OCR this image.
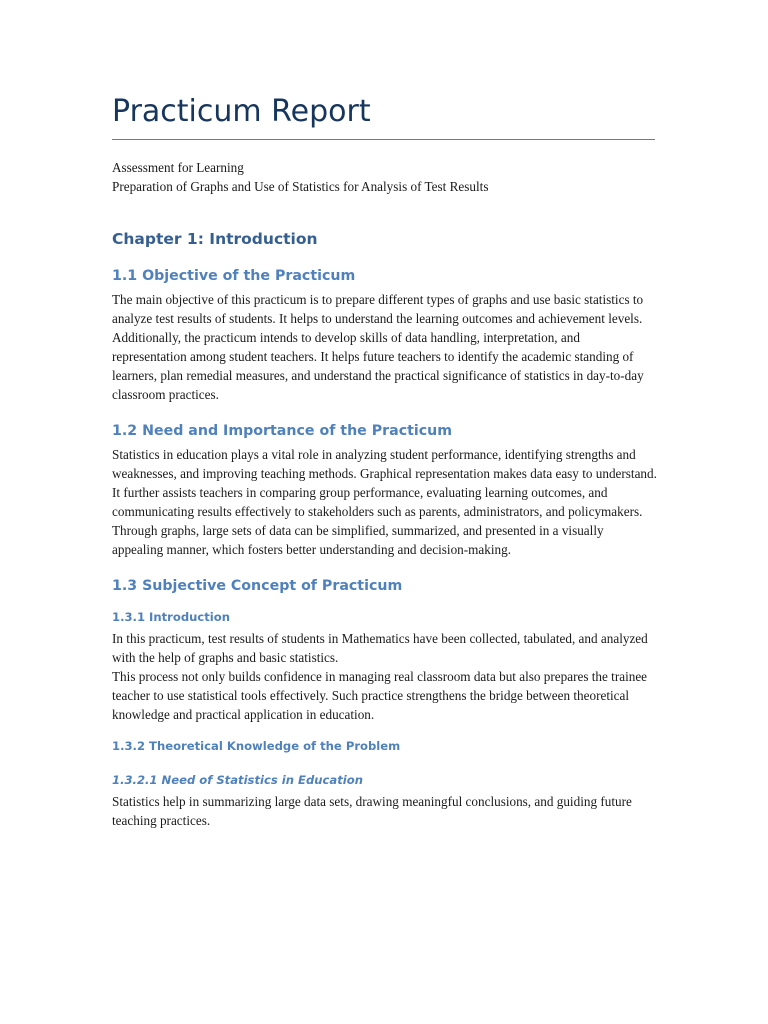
Practicum Report
Assessment for Learning
Preparation of Graphs and Use of Statistics for Analysis of Test Results
Chapter 1: Introduction
1.1 Objective of the Practicum

The main objective of this practicum is to prepare different types of graphs and use basic statistics to analyze test results of students. It helps to understand the learning outcomes and achievement levels.

Additionally, the practicum intends to develop skills of data handling, interpretation, and representation among student teachers. It helps future teachers to identify the academic standing of learners, plan remedial measures, and understand the practical significance of statistics in day-to-day classroom practices.

1.2 Need and Importance of the Practicum

Statistics in education plays a vital role in analyzing student performance, identifying strengths and weaknesses, and improving teaching methods. Graphical representation makes data easy to understand.

It further assists teachers in comparing group performance, evaluating learning outcomes, and communicating results effectively to stakeholders such as parents, administrators, and policymakers. Through graphs, large sets of data can be simplified, summarized, and presented in a visually appealing manner, which fosters better understanding and decision-making.

1.3 Subjective Concept of Practicum
1.3.1 Introduction

In this practicum, test results of students in Mathematics have been collected, tabulated, and analyzed with the help of graphs and basic statistics.

This process not only builds confidence in managing real classroom data but also prepares the trainee teacher to use statistical tools effectively. Such practice strengthens the bridge between theoretical knowledge and practical application in education.

1.3.2 Theoretical Knowledge of the Problem
1.3.2.1 Need of Statistics in Education

Statistics help in summarizing large data sets, drawing meaningful conclusions, and guiding future teaching practices.
